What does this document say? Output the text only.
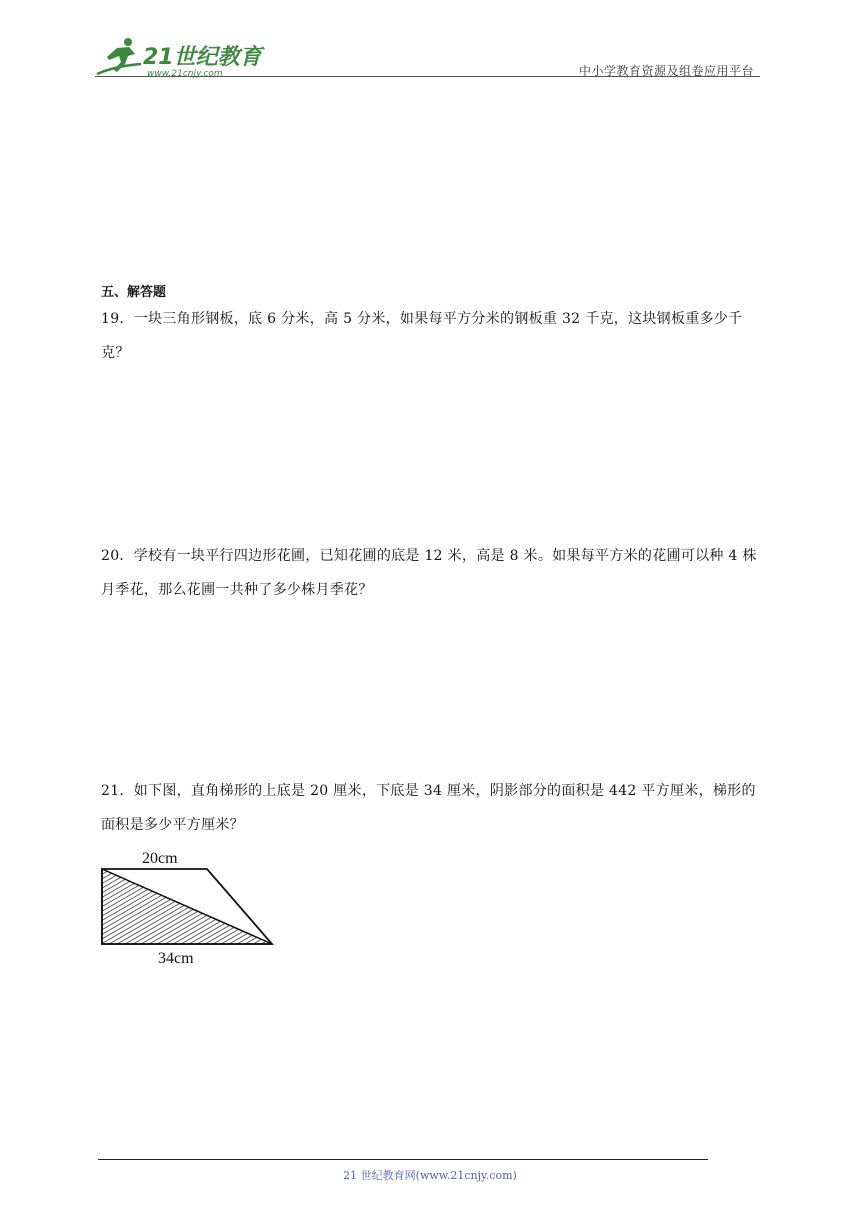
21世纪教育
www.21cnjy.com	中小学教育资源及组卷应用平台
五、解答题
19．一块三角形钢板，底 6 分米，高 5 分米，如果每平方分米的钢板重 32 千克，这块钢板重多少千克？
20．学校有一块平行四边形花圃，已知花圃的底是 12 米，高是 8 米。如果每平方米的花圃可以种 4 株月季花，那么花圃一共种了多少株月季花？
21．如下图，直角梯形的上底是 20 厘米，下底是 34 厘米，阴影部分的面积是 442 平方厘米，梯形的面积是多少平方厘米？
20cm
34cm
21 世纪教育网(www.21cnjy.com)
